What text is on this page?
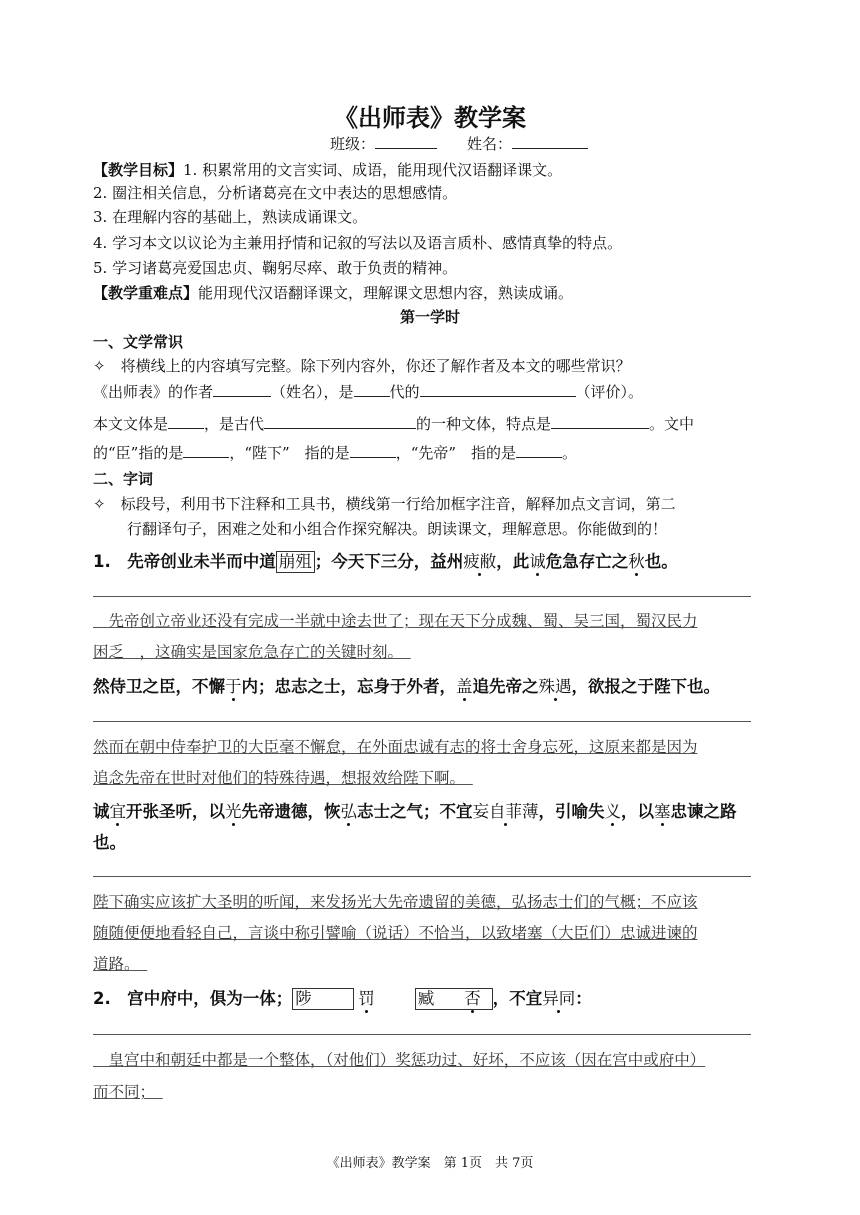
《出师表》教学案
班级：	姓名：
【教学目标】1. 积累常用的文言实词、成语，能用现代汉语翻译课文。
2. 圈注相关信息，分析诸葛亮在文中表达的思想感情。
3. 在理解内容的基础上，熟读成诵课文。
4. 学习本文以议论为主兼用抒情和记叙的写法以及语言质朴、感情真挚的特点。
5. 学习诸葛亮爱国忠贞、鞠躬尽瘁、敢于负责的精神。
【教学重难点】能用现代汉语翻译课文，理解课文思想内容，熟读成诵。
第一学时
一、文学常识
✧　将横线上的内容填写完整。除下列内容外，你还了解作者及本文的哪些常识？
《出师表》的作者	（姓名），是 代的	（评价）。
本文文体是 ，是古代	的一种文体，特点是	。文中
的“臣”指的是	，“陛下”　指的是	，“先帝”　指的是	。
二、字词
✧　标段号，利用书下注释和工具书，横线第一行给加框字注音，解释加点文言词，第二
行翻译句子，困难之处和小组合作探究解决。朗读课文，理解意思。你能做到的！
1.　先帝创业未半而中道 崩殂 ；今天下三分，益州疲敝，此诚危急存亡之秋也。
　先帝创立帝业还没有完成一半就中途去世了；现在天下分成魏、蜀、吴三国，蜀汉民力
困乏　，这确实是国家危急存亡的关键时刻。　
然侍卫之臣，不懈于内；忠志之士，忘身于外者，盖追先帝之殊遇，欲报之于陛下也。
然而在朝中侍奉护卫的大臣毫不懈怠，在外面忠诚有志的将士舍身忘死，这原来都是因为
追念先帝在世时对他们的特殊待遇，想报效给陛下啊。　
诚宜开张圣听，以光先帝遗德，恢弘志士之气；不宜妄自菲薄，引喻失义，以塞忠谏之路
也。
陛下确实应该扩大圣明的听闻，来发扬光大先帝遗留的美德，弘扬志士们的气概；不应该
随随便便地看轻自己，言谈中称引譬喻（说话）不恰当，以致堵塞（大臣们）忠诚进谏的
道路。　
2.　宫中府中，俱为一体； 陟	罚	臧 否 ，不宜异同：
　皇宫中和朝廷中都是一个整体，（对他们）奖惩功过、好坏，不应该（因在宫中或府中）
而不同；　
《出师表》教学案　第 1页　共 7页
